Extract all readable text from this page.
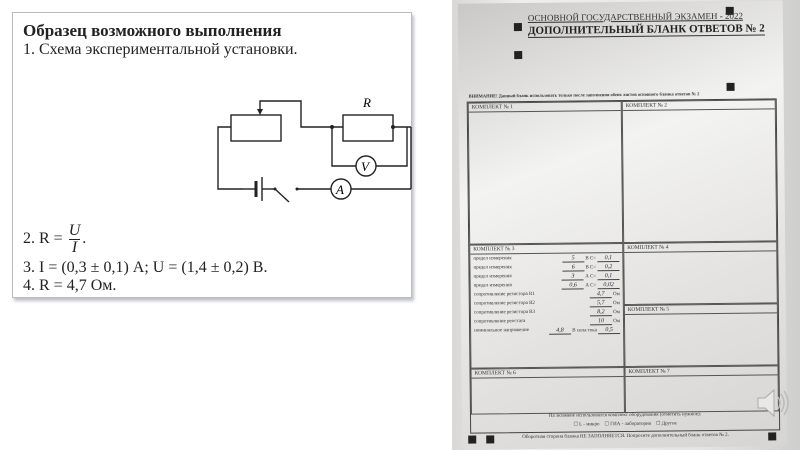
Образец возможного выполнения
1. Схема экспериментальной установки.
R
V
A
2. $R = \frac{U}{I}$ .
3. I = (0,3 ± 0,1) А; U = (1,4 ± 0,2) В.
4. R = 4,7 Ом.
ОСНОВНОЙ ГОСУДАРСТВЕННЫЙ ЭКЗАМЕН - 2022
ДОПОЛНИТЕЛЬНЫЙ БЛАНК ОТВЕТОВ № 2
ВНИМАНИЕ! Данный бланк использовать только после заполнения обеих листов основного бланка ответов № 2
КОМПЛЕКТ № 1	КОМПЛЕКТ № 2
КОМПЛЕКТ № 3
предел измерения	5 В C= 0,1
предел измерения	6 В C= 0,2
предел измерения	3 А C= 0,1
предел измерения	0,6 А C= 0,02
сопротивление резистора R1	4,7 Ом
сопротивление резистора R2	5,7 Ом
сопротивление резистора R3	8,2 Ом
сопротивление реостата	10 Ом
номинальное напряжение	4,8 В сила тока 0,5
КОМПЛЕКТ № 4
КОМПЛЕКТ № 5
КОМПЛЕКТ № 6	КОМПЛЕКТ № 7
На экзамене использовался комплект оборудования (отметить нужное):
☐ L - микро ☐ ГИА - лаборатория ☐ Другое
Оборотная сторона бланка НЕ ЗАПОЛНЯЕТСЯ. Попросите дополнительный бланк ответов № 2.
